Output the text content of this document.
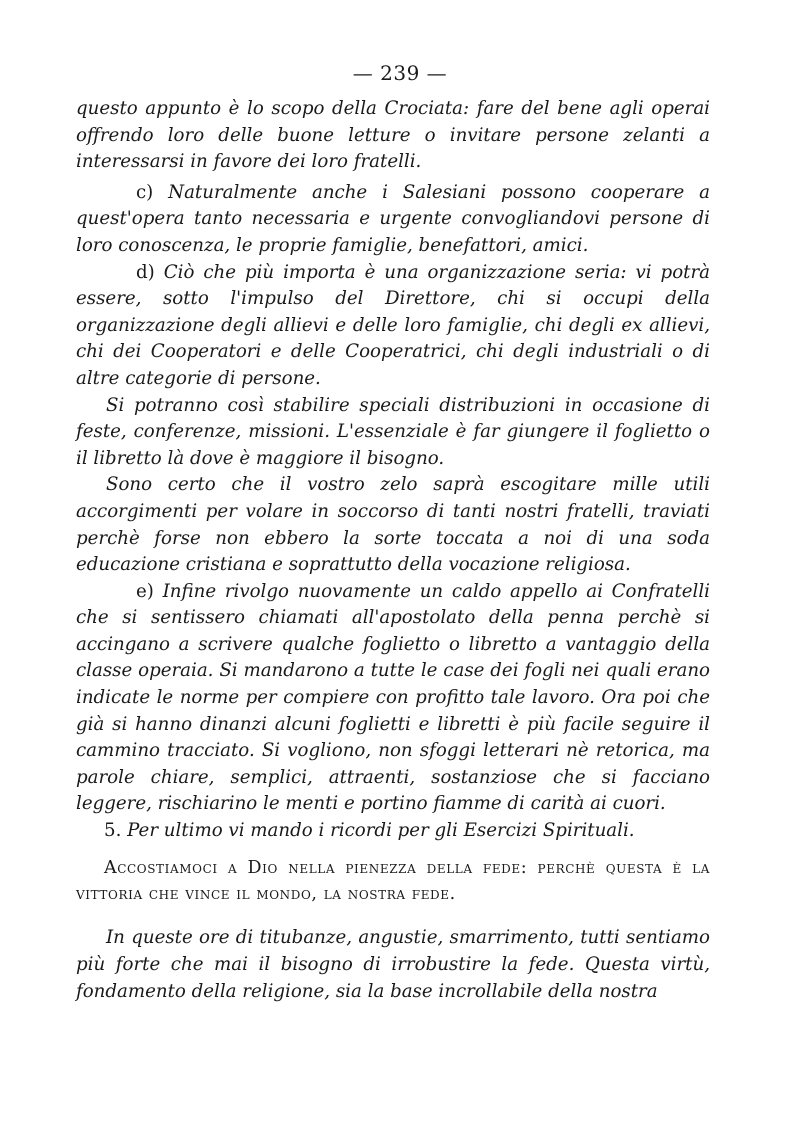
— 239 —

questo appunto è lo scopo della Crociata: fare del bene agli operai offrendo loro delle buone letture o invitare persone zelanti a interessarsi in favore dei loro fratelli.

c) Naturalmente anche i Salesiani possono cooperare a quest'opera tanto necessaria e urgente convogliandovi persone di loro conoscenza, le proprie famiglie, benefattori, amici.

d) Ciò che più importa è una organizzazione seria: vi potrà essere, sotto l'impulso del Direttore, chi si occupi della organizzazione degli allievi e delle loro famiglie, chi degli ex allievi, chi dei Cooperatori e delle Cooperatrici, chi degli industriali o di altre categorie di persone.

Si potranno così stabilire speciali distribuzioni in occasione di feste, conferenze, missioni. L'essenziale è far giungere il foglietto o il libretto là dove è maggiore il bisogno.

Sono certo che il vostro zelo saprà escogitare mille utili accorgimenti per volare in soccorso di tanti nostri fratelli, traviati perchè forse non ebbero la sorte toccata a noi di una soda educazione cristiana e soprattutto della vocazione religiosa.

e) Infine rivolgo nuovamente un caldo appello ai Confratelli che si sentissero chiamati all'apostolato della penna perchè si accingano a scrivere qualche foglietto o libretto a vantaggio della classe operaia. Si mandarono a tutte le case dei fogli nei quali erano indicate le norme per compiere con profitto tale lavoro. Ora poi che già si hanno dinanzi alcuni foglietti e libretti è più facile seguire il cammino tracciato. Si vogliono, non sfoggi letterari nè retorica, ma parole chiare, semplici, attraenti, sostanziose che si facciano leggere, rischiarino le menti e portino fiamme di carità ai cuori.

5. Per ultimo vi mando i ricordi per gli Esercizi Spirituali.

Accostiamoci a Dio nella pienezza della fede: perchè questa è la vittoria che vince il mondo, la nostra fede.

In queste ore di titubanze, angustie, smarrimento, tutti sentiamo più forte che mai il bisogno di irrobustire la fede. Questa virtù, fondamento della religione, sia la base incrollabile della nostra
